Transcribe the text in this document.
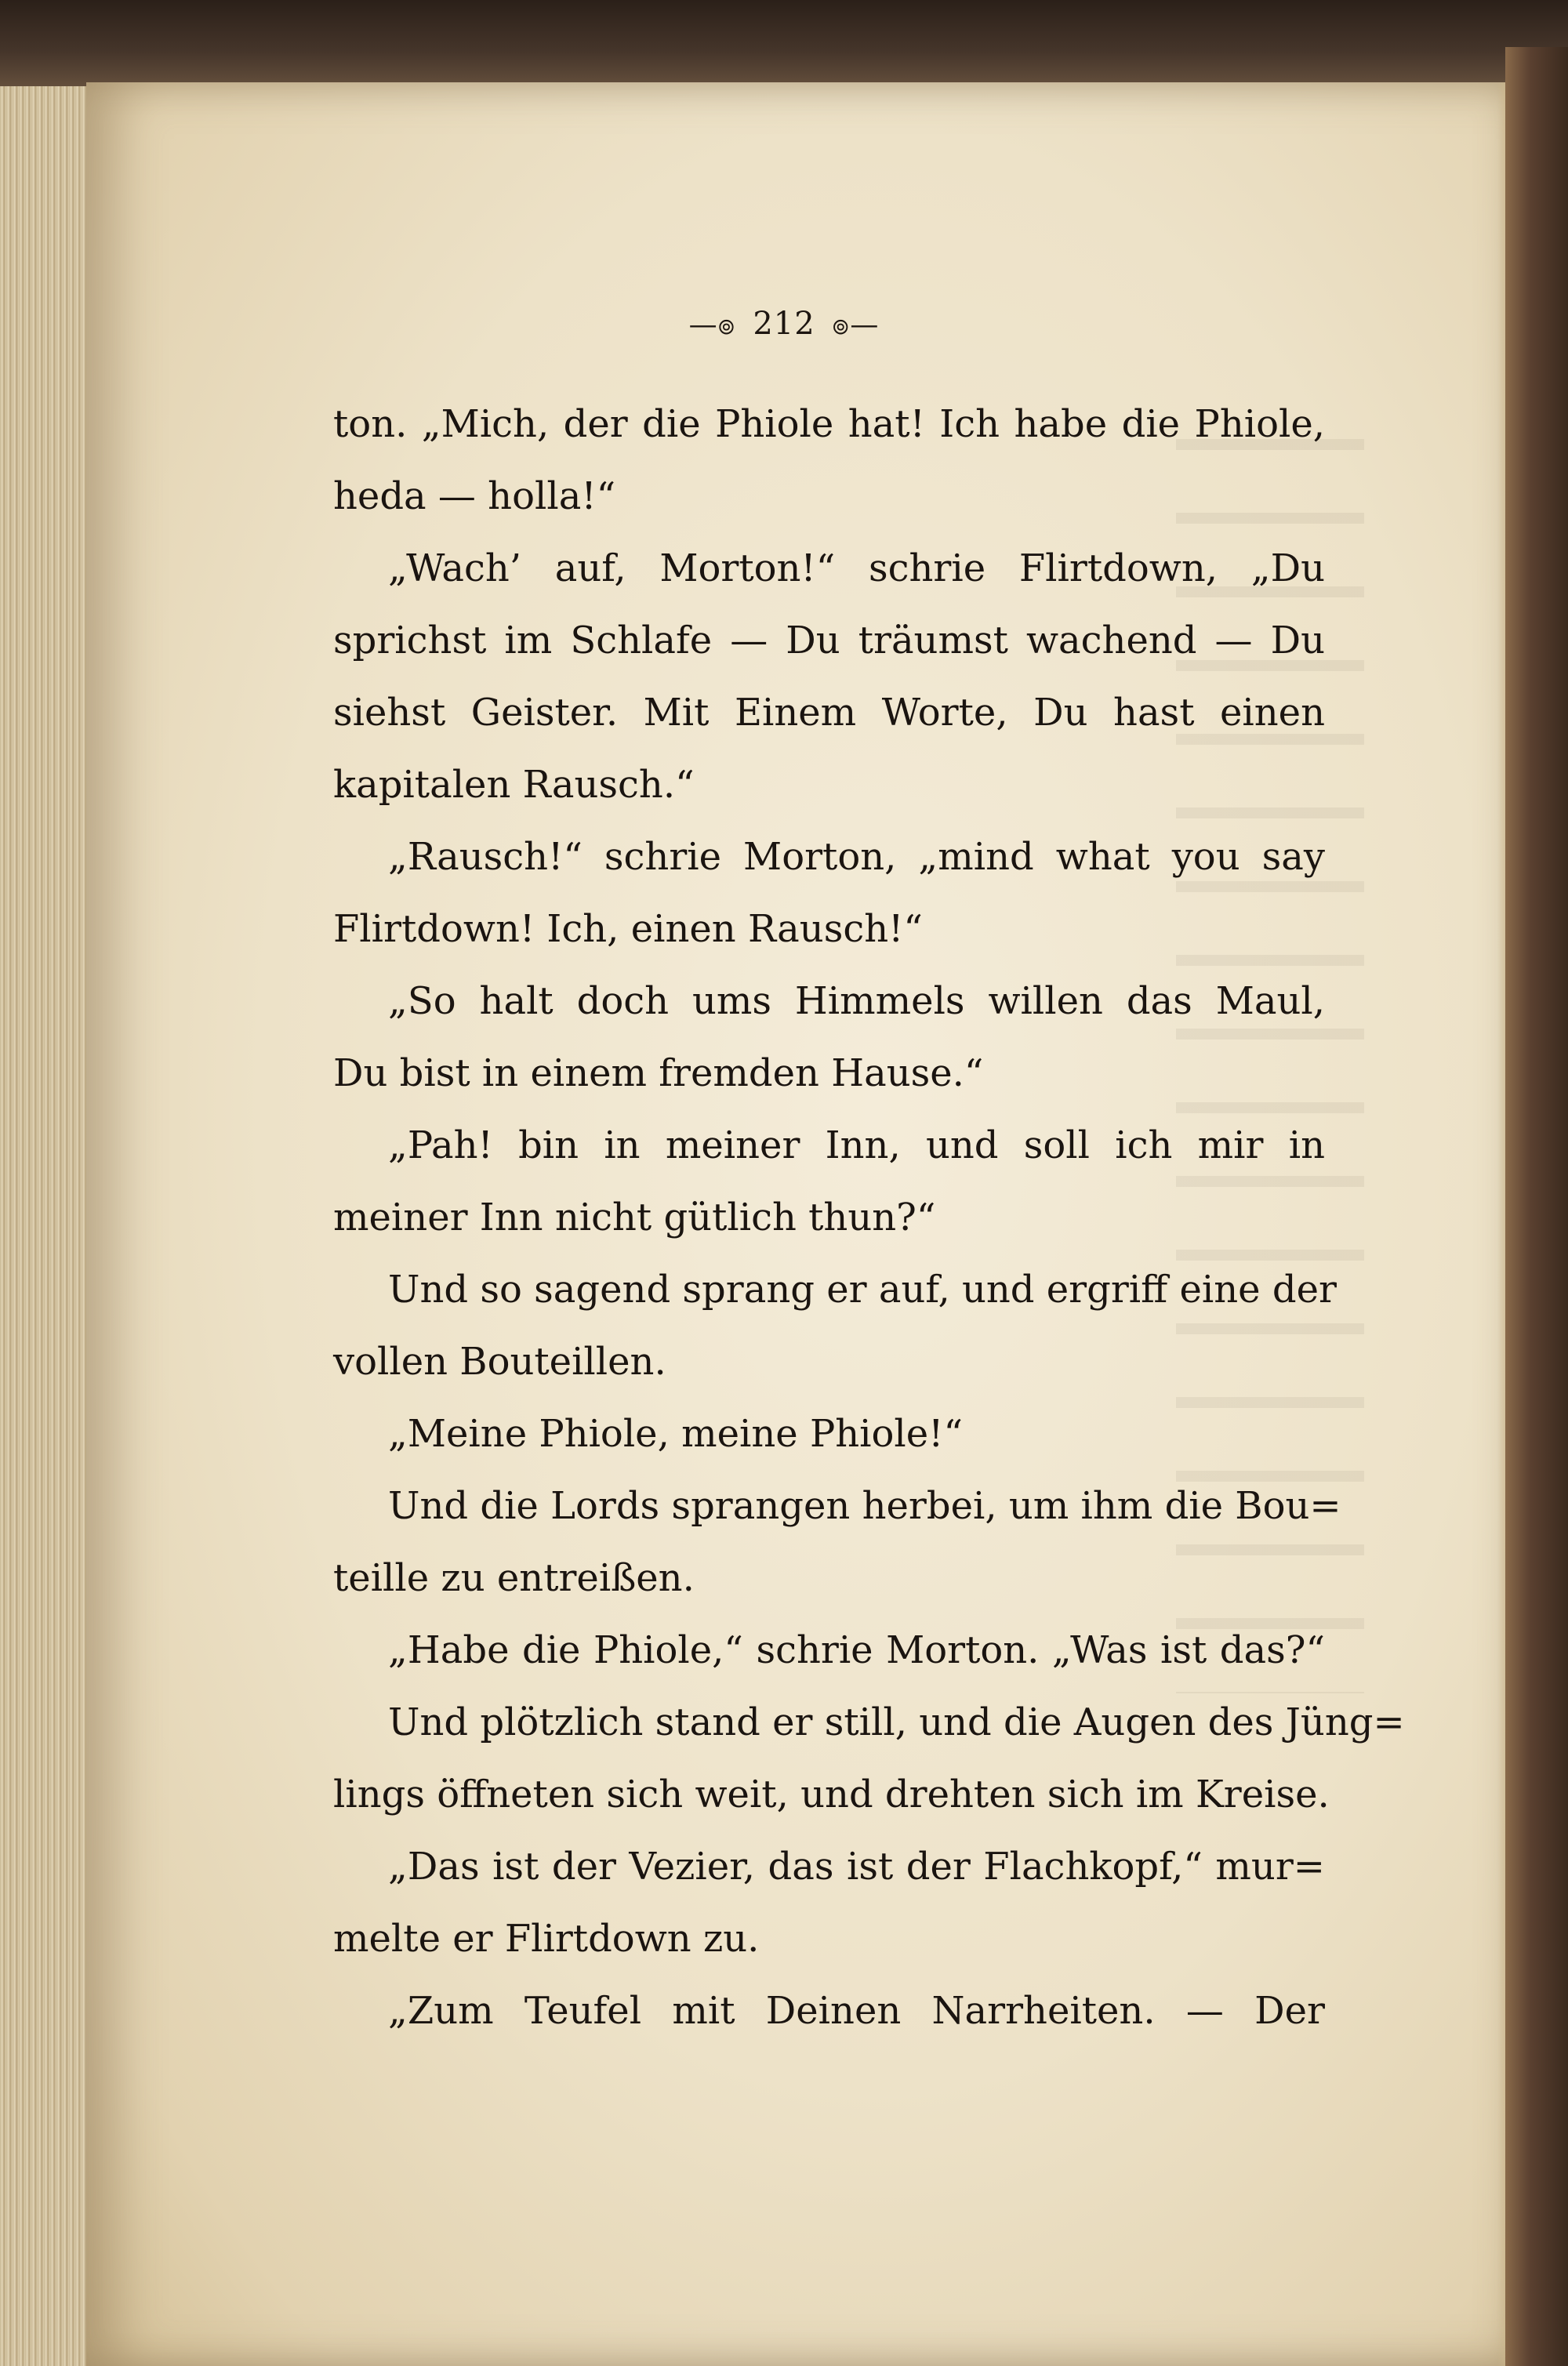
—๏ 212 ๏—
ton. „Mich, der die Phiole hat! Ich habe die Phiole,
heda — holla!“
„Wach’ auf, Morton!“ schrie Flirtdown, „Du
sprichst im Schlafe — Du träumst wachend — Du
siehst Geister. Mit Einem Worte, Du hast einen
kapitalen Rausch.“
„Rausch!“ schrie Morton, „mind what you say
Flirtdown! Ich, einen Rausch!“
„So halt doch ums Himmels willen das Maul,
Du bist in einem fremden Hause.“
„Pah! bin in meiner Inn, und soll ich mir in
meiner Inn nicht gütlich thun?“
Und so sagend sprang er auf, und ergriff eine der
vollen Bouteillen.
„Meine Phiole, meine Phiole!“
Und die Lords sprangen herbei, um ihm die Bou=
teille zu entreißen.
„Habe die Phiole,“ schrie Morton. „Was ist das?“
Und plötzlich stand er still, und die Augen des Jüng=
lings öffneten sich weit, und drehten sich im Kreise.
„Das ist der Vezier, das ist der Flachkopf,“ mur=
melte er Flirtdown zu.
„Zum Teufel mit Deinen Narrheiten. — Der
